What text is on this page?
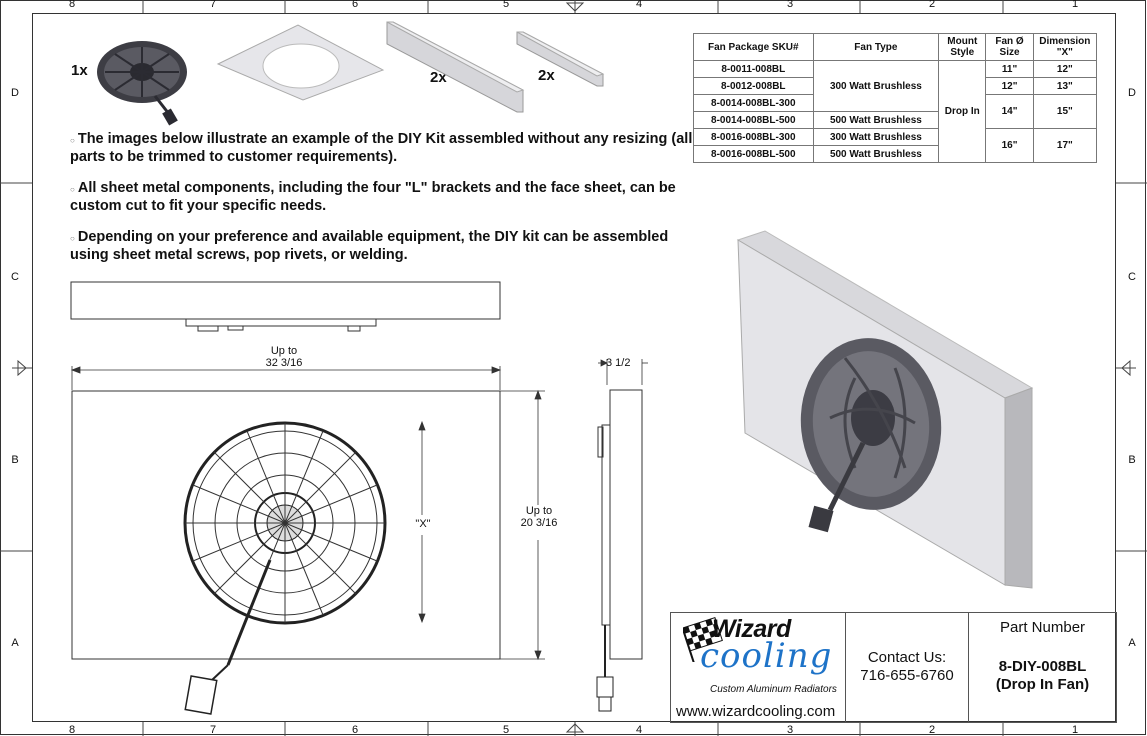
8	7	6	5	4	3	2	1
8	7	6	5	4	3	2	1
D
C
B
A
D
C
B
A
1x	2x	2x
○ The images below illustrate an example of the DIY Kit assembled without any resizing (all parts to be trimmed to customer requirements).
○ All sheet metal components, including the four "L" brackets and the face sheet, can be custom cut to fit your specific needs.
○ Depending on your preference and available equipment, the DIY kit can be assembled using sheet metal screws, pop rivets, or welding.
Fan Package SKU#	Fan Type	Mount Style	Fan Ø Size	Dimension "X"
8-0011-008BL	300 Watt Brushless	Drop In	11"	12"
8-0012-008BL			12"	13"
8-0014-008BL-300			14"	15"
8-0014-008BL-500	500 Watt Brushless			
8-0016-008BL-300	300 Watt Brushless		16"	17"
8-0016-008BL-500	500 Watt Brushless			
Up to
32 3/16
Up to
20 3/16
"X"
3 1/2
Wizard
cooling
Custom Aluminum Radiators
www.wizardcooling.com
Contact Us:
716-655-6760
Part Number
8-DIY-008BL
(Drop In Fan)
